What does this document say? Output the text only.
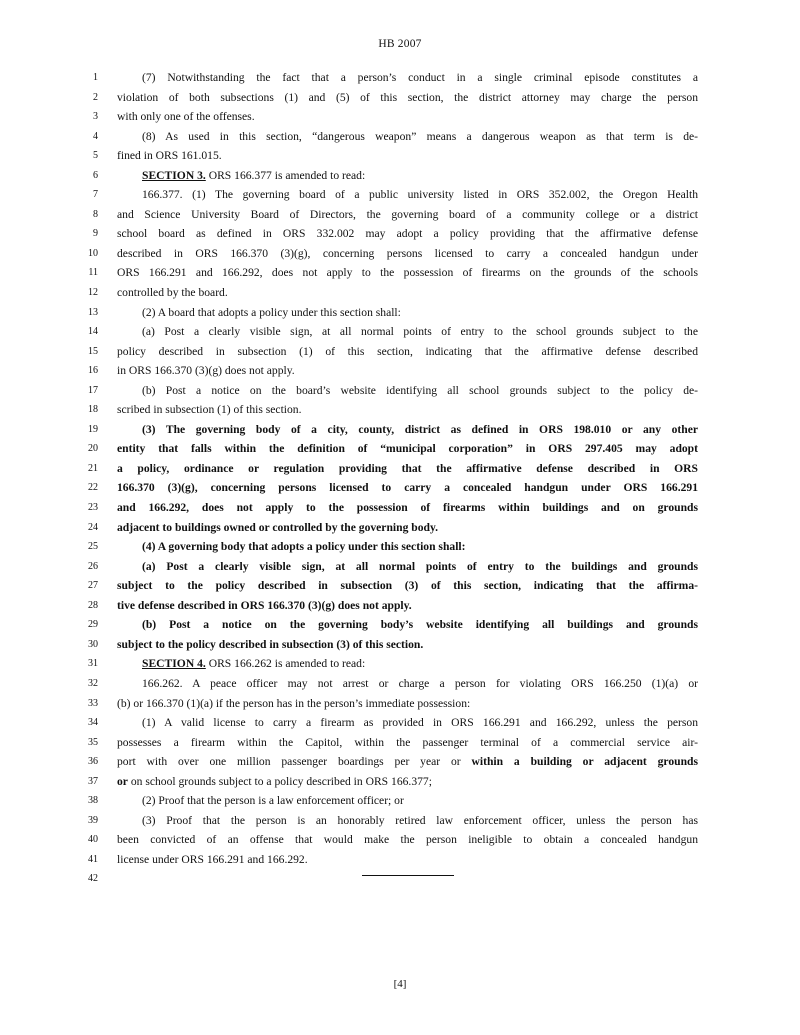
HB 2007
1	(7) Notwithstanding the fact that a person’s conduct in a single criminal episode constitutes a
2 violation of both subsections (1) and (5) of this section, the district attorney may charge the person
3 with only one of the offenses.
4	(8) As used in this section, “dangerous weapon” means a dangerous weapon as that term is de-
5 fined in ORS 161.015.
6	SECTION 3. ORS 166.377 is amended to read:
7	166.377. (1) The governing board of a public university listed in ORS 352.002, the Oregon Health
8 and Science University Board of Directors, the governing board of a community college or a district
9 school board as defined in ORS 332.002 may adopt a policy providing that the affirmative defense
10 described in ORS 166.370 (3)(g), concerning persons licensed to carry a concealed handgun under
11 ORS 166.291 and 166.292, does not apply to the possession of firearms on the grounds of the schools
12 controlled by the board.
13	(2) A board that adopts a policy under this section shall:
14	(a) Post a clearly visible sign, at all normal points of entry to the school grounds subject to the
15 policy described in subsection (1) of this section, indicating that the affirmative defense described
16 in ORS 166.370 (3)(g) does not apply.
17	(b) Post a notice on the board’s website identifying all school grounds subject to the policy de-
18 scribed in subsection (1) of this section.
19	(3) The governing body of a city, county, district as defined in ORS 198.010 or any other
20 entity that falls within the definition of “municipal corporation” in ORS 297.405 may adopt
21 a policy, ordinance or regulation providing that the affirmative defense described in ORS
22 166.370 (3)(g), concerning persons licensed to carry a concealed handgun under ORS 166.291
23 and 166.292, does not apply to the possession of firearms within buildings and on grounds
24 adjacent to buildings owned or controlled by the governing body.
25	(4) A governing body that adopts a policy under this section shall:
26	(a) Post a clearly visible sign, at all normal points of entry to the buildings and grounds
27 subject to the policy described in subsection (3) of this section, indicating that the affirma-
28 tive defense described in ORS 166.370 (3)(g) does not apply.
29	(b) Post a notice on the governing body’s website identifying all buildings and grounds
30 subject to the policy described in subsection (3) of this section.
31	SECTION 4. ORS 166.262 is amended to read:
32	166.262. A peace officer may not arrest or charge a person for violating ORS 166.250 (1)(a) or
33 (b) or 166.370 (1)(a) if the person has in the person’s immediate possession:
34	(1) A valid license to carry a firearm as provided in ORS 166.291 and 166.292, unless the person
35 possesses a firearm within the Capitol, within the passenger terminal of a commercial service air-
36 port with over one million passenger boardings per year or within a building or adjacent grounds
37 or on school grounds subject to a policy described in ORS 166.377;
38	(2) Proof that the person is a law enforcement officer; or
39	(3) Proof that the person is an honorably retired law enforcement officer, unless the person has
40 been convicted of an offense that would make the person ineligible to obtain a concealed handgun
41 license under ORS 166.291 and 166.292.
42
[4]
